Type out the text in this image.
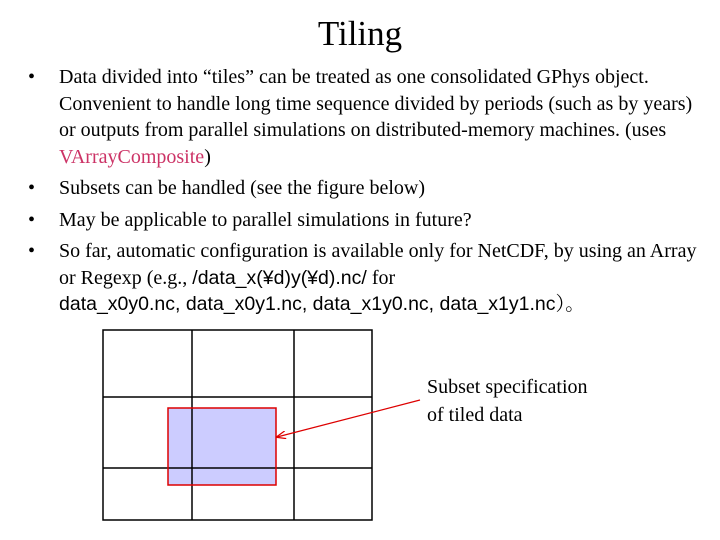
Tiling
• Data divided into “tiles” can be treated as one consolidated GPhys object. Convenient to handle long time sequence divided by periods (such as by years) or outputs from parallel simulations on distributed-memory machines. (uses VArrayComposite)
• Subsets can be handled (see the figure below)
• May be applicable to parallel simulations in future?
• So far, automatic configuration is available only for NetCDF, by using an Array or Regexp (e.g., /data_x(¥d)y(¥d).nc/ for
data_x0y0.nc, data_x0y1.nc, data_x1y0.nc, data_x1y1.nc）。
Subset specification
of tiled data
